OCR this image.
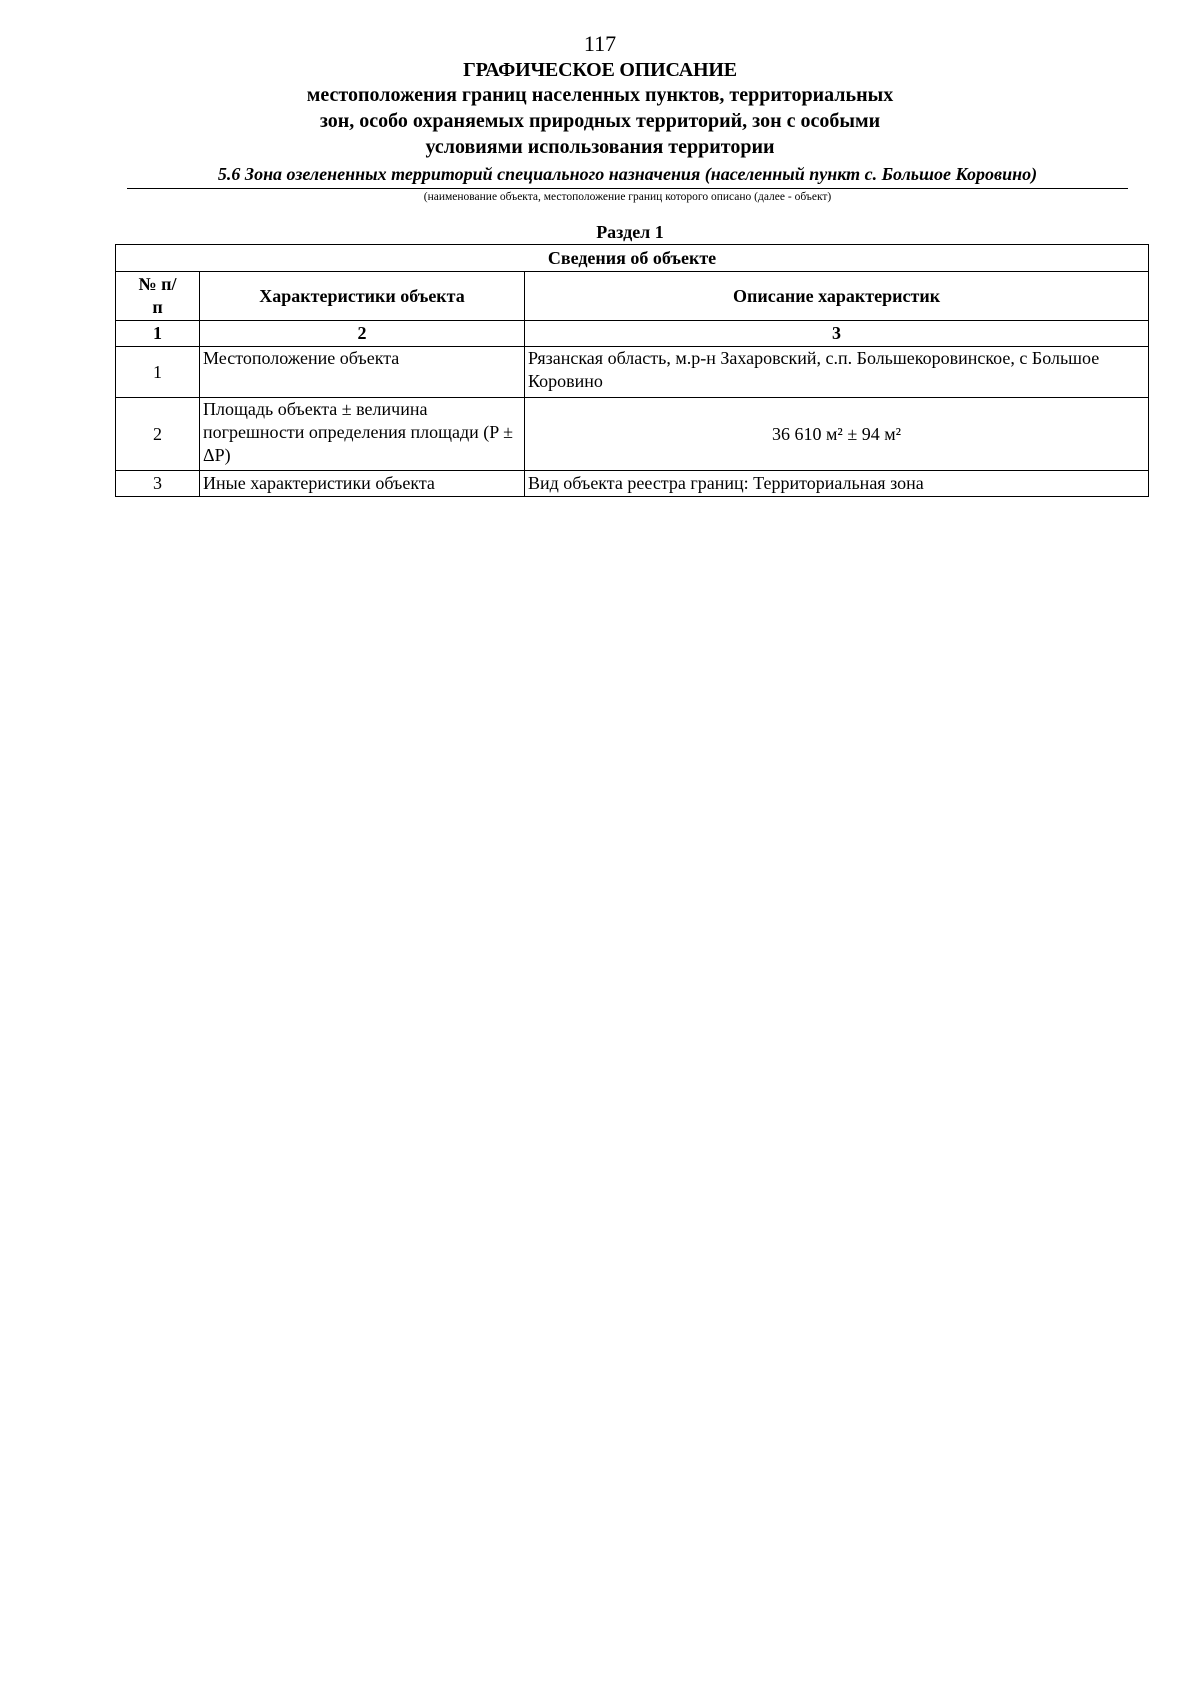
117
ГРАФИЧЕСКОЕ ОПИСАНИЕ
местоположения границ населенных пунктов, территориальных
зон, особо охраняемых природных территорий, зон с особыми
условиями использования территории
5.6 Зона озелененных территорий специального назначения (населенный пункт с. Большое Коровино)
(наименование объекта, местоположение границ которого описано (далее - объект)
Раздел 1
Сведения об объекте		
№ п/п	Характеристики объекта	Описание характеристик
1	2	3
1	Местоположение объекта	Рязанская область, м.р-н Захаровский, с.п. Большекоровинское, с Большое Коровино
2	Площадь объекта ± величина погрешности определения площади (P ± ΔP)	36 610 м² ± 94 м²
3	Иные характеристики объекта	Вид объекта реестра границ: Территориальная зона
